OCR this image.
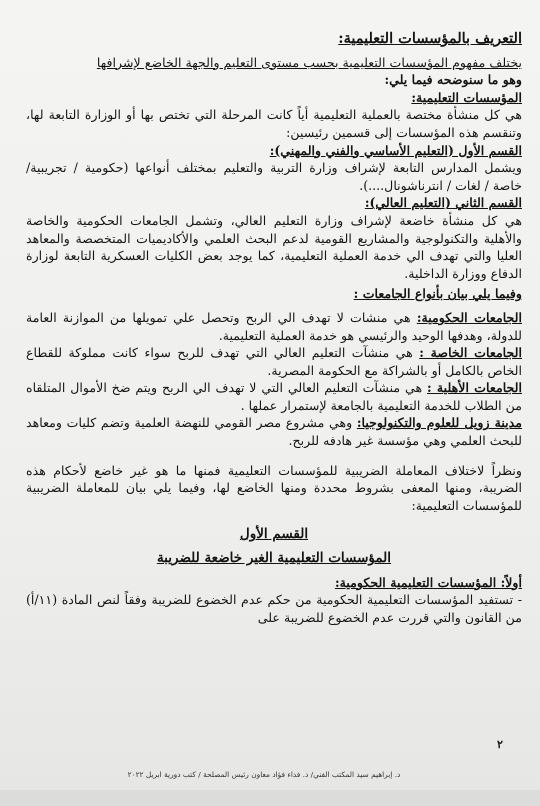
التعريف بالمؤسسات التعليمية:

يختلف مفهوم المؤسسات التعليمية بحسب مستوى التعليم والجهة الخاضع لإشرافها

وهو ما سنوضحه فيما يلي:

المؤسسات التعليمية:

هي كل منشأة مختصة بالعملية التعليمية أياً كانت المرحلة التي تختص بها أو الوزارة التابعة لها، وتنقسم هذه المؤسسات إلى قسمين رئيسين:

القسم الأول (التعليم الأساسي والفني والمهني):

ويشمل المدارس التابعة لإشراف وزارة التربية والتعليم بمختلف أنواعها (حكومية / تجريبية/ خاصة / لغات / انترناشونال....).

القسم الثاني (التعليم العالي):

هي كل منشأة خاضعة لإشراف وزارة التعليم العالي، وتشمل الجامعات الحكومية والخاصة والأهلية والتكنولوجية والمشاريع القومية لدعم البحث العلمي والأكاديميات المتخصصة والمعاهد العليا والتي تهدف الي خدمة العملية التعليمية، كما يوجد بعض الكليات العسكرية التابعة لوزارة الدفاع ووزارة الداخلية.

وفيما يلي بيان بأنواع الجامعات :

الجامعات الحكومية: هي منشات لا تهدف الي الربح وتحصل علي تمويلها من الموازنة العامة للدولة، وهدفها الوحيد والرئيسي هو خدمة العملية التعليمية.

الجامعات الخاصة : هي منشآت التعليم العالي التي تهدف للربح سواء كانت مملوكة للقطاع الخاص بالكامل أو بالشراكة مع الحكومة المصرية.

الجامعات الأهلية : هي منشآت التعليم العالي التي لا تهدف الي الربح ويتم ضخ الأموال المتلقاه من الطلاب للخدمة التعليمية بالجامعة لإستمرار عملها .

مدينة زويل للعلوم والتكنولوجيا: وهي مشروع مصر القومي للنهضة العلمية وتضم كليات ومعاهد للبحث العلمي وهي مؤسسة غير هادفه للربح.

ونظراً لاختلاف المعاملة الضريبية للمؤسسات التعليمية فمنها ما هو غير خاضع لأحكام هذه الضريبة، ومنها المعفى بشروط محددة ومنها الخاضع لها، وفيما يلي بيان للمعاملة الضريبية للمؤسسات التعليمية:

القسم الأول

المؤسسات التعليمية الغير خاضعة للضريبة

أولاً: المؤسسات التعليمية الحكومية:

- تستفيد المؤسسات التعليمية الحكومية من حكم عدم الخضوع للضريبة وفقاً لنص المادة (١١/أ) من القانون والتي قررت عدم الخضوع للضريبة على

٢
د. إبراهيم سيد المكتب الفني/ د. فداء فؤاد معاون رئيس المصلحة / كتب دورية ابريل ٢٠٢٢
